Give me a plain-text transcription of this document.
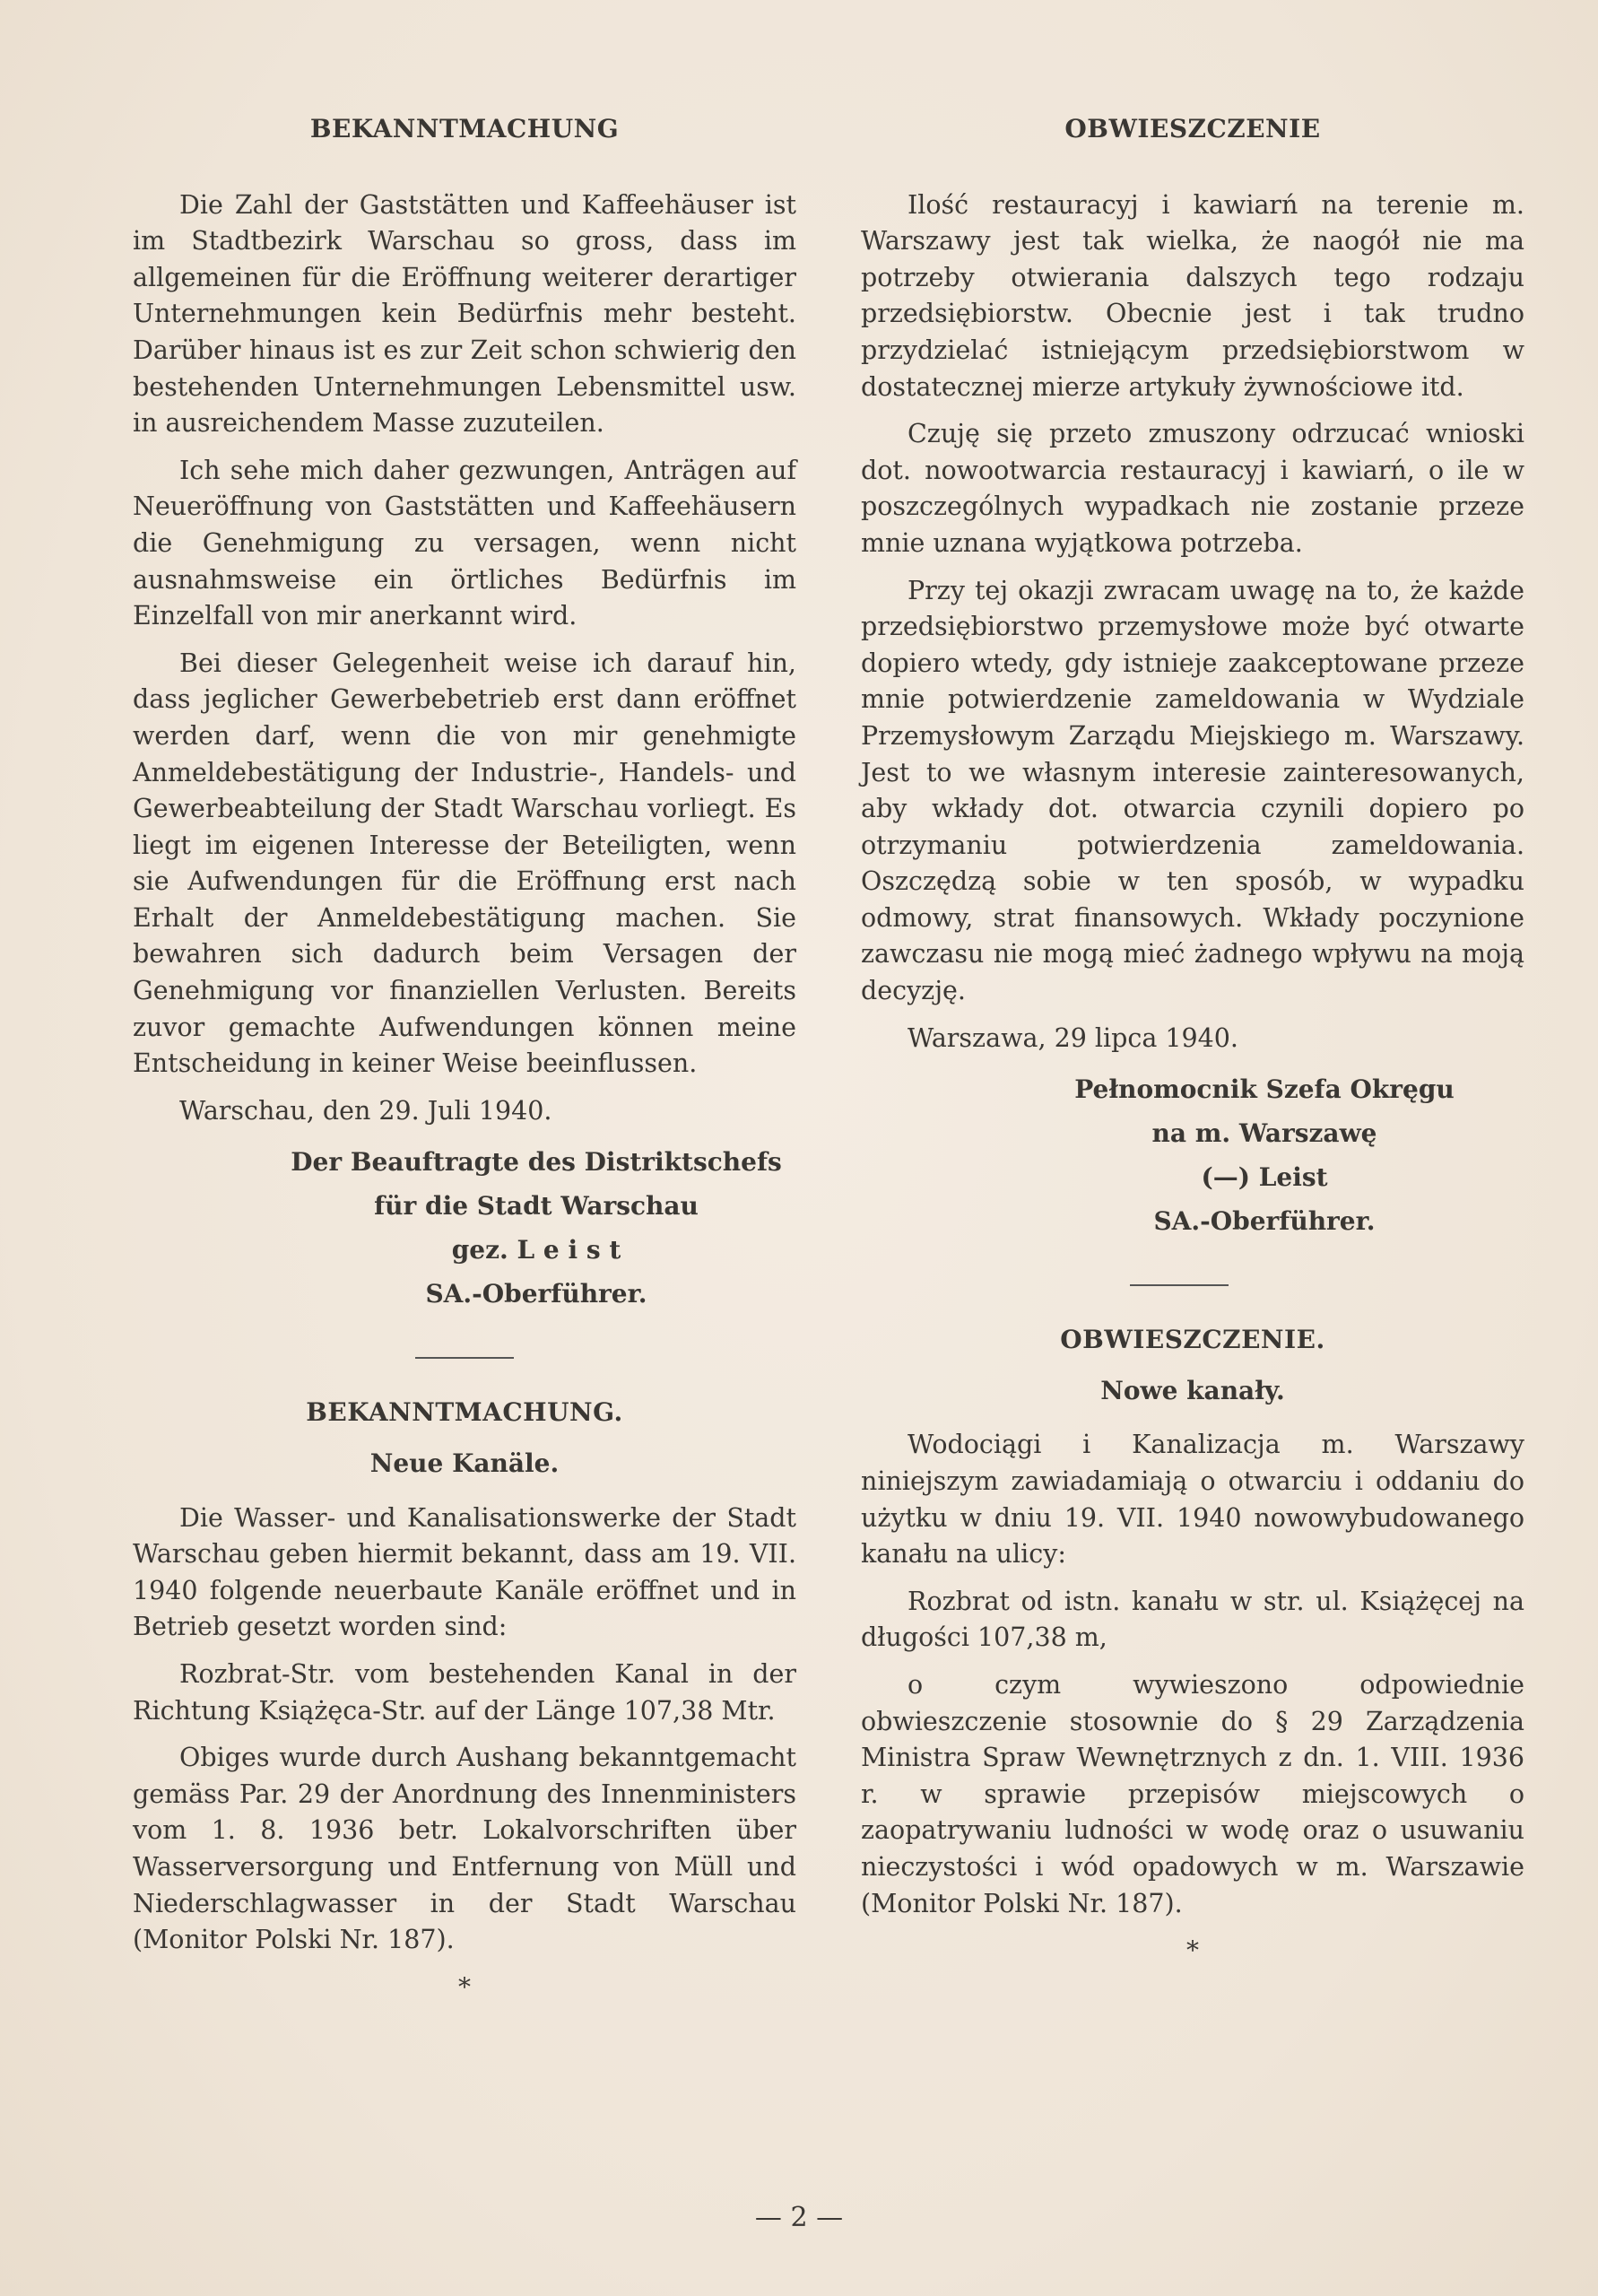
BEKANNTMACHUNG

Die Zahl der Gaststätten und Kaffeehäuser ist im Stadtbezirk Warschau so gross, dass im allgemeinen für die Eröffnung weiterer derartiger Unternehmungen kein Bedürfnis mehr besteht. Darüber hinaus ist es zur Zeit schon schwierig den bestehenden Unternehmungen Lebensmittel usw. in ausreichendem Masse zuzuteilen.

Ich sehe mich daher gezwungen, Anträgen auf Neueröffnung von Gaststätten und Kaffeehäusern die Genehmigung zu versagen, wenn nicht ausnahmsweise ein örtliches Bedürfnis im Einzelfall von mir anerkannt wird.

Bei dieser Gelegenheit weise ich darauf hin, dass jeglicher Gewerbebetrieb erst dann eröffnet werden darf, wenn die von mir genehmigte Anmeldebestätigung der Industrie-, Handels- und Gewerbeabteilung der Stadt Warschau vorliegt. Es liegt im eigenen Interesse der Beteiligten, wenn sie Aufwendungen für die Eröffnung erst nach Erhalt der Anmeldebestätigung machen. Sie bewahren sich dadurch beim Versagen der Genehmigung vor finanziellen Verlusten. Bereits zuvor gemachte Aufwendungen können meine Entscheidung in keiner Weise beeinflussen.

Warschau, den 29. Juli 1940.

Der Beauftragte des Distriktschefs
für die Stadt Warschau
gez. L e i s t
SA.-Oberführer.
BEKANNTMACHUNG.
Neue Kanäle.

Die Wasser- und Kanalisationswerke der Stadt Warschau geben hiermit bekannt, dass am 19. VII. 1940 folgende neuerbaute Kanäle eröffnet und in Betrieb gesetzt worden sind:

Rozbrat-Str. vom bestehenden Kanal in der Richtung Książęca-Str. auf der Länge 107,38 Mtr.

Obiges wurde durch Aushang bekanntgemacht gemäss Par. 29 der Anordnung des Innenministers vom 1. 8. 1936 betr. Lokalvorschriften über Wasserversorgung und Entfernung von Müll und Niederschlagwasser in der Stadt Warschau (Monitor Polski Nr. 187).

*
OBWIESZCZENIE

Ilość restauracyj i kawiarń na terenie m. Warszawy jest tak wielka, że naogół nie ma potrzeby otwierania dalszych tego rodzaju przedsiębiorstw. Obecnie jest i tak trudno przydzielać istniejącym przedsiębiorstwom w dostatecznej mierze artykuły żywnościowe itd.

Czuję się przeto zmuszony odrzucać wnioski dot. nowootwarcia restauracyj i kawiarń, o ile w poszczególnych wypadkach nie zostanie przeze mnie uznana wyjątkowa potrzeba.

Przy tej okazji zwracam uwagę na to, że każde przedsiębiorstwo przemysłowe może być otwarte dopiero wtedy, gdy istnieje zaakceptowane przeze mnie potwierdzenie zameldowania w Wydziale Przemysłowym Zarządu Miejskiego m. Warszawy. Jest to we własnym interesie zainteresowanych, aby wkłady dot. otwarcia czynili dopiero po otrzymaniu potwierdzenia zameldowania. Oszczędzą sobie w ten sposób, w wypadku odmowy, strat finansowych. Wkłady poczynione zawczasu nie mogą mieć żadnego wpływu na moją decyzję.

Warszawa, 29 lipca 1940.

Pełnomocnik Szefa Okręgu
na m. Warszawę
(—) Leist
SA.-Oberführer.
OBWIESZCZENIE.
Nowe kanały.

Wodociągi i Kanalizacja m. Warszawy niniejszym zawiadamiają o otwarciu i oddaniu do użytku w dniu 19. VII. 1940 nowowybudowanego kanału na ulicy:

Rozbrat od istn. kanału w str. ul. Książęcej na długości 107,38 m,

o czym wywieszono odpowiednie obwieszczenie stosownie do § 29 Zarządzenia Ministra Spraw Wewnętrznych z dn. 1. VIII. 1936 r. w sprawie przepisów miejscowych o zaopatrywaniu ludności w wodę oraz o usuwaniu nieczystości i wód opadowych w m. Warszawie (Monitor Polski Nr. 187).

*
— 2 —
